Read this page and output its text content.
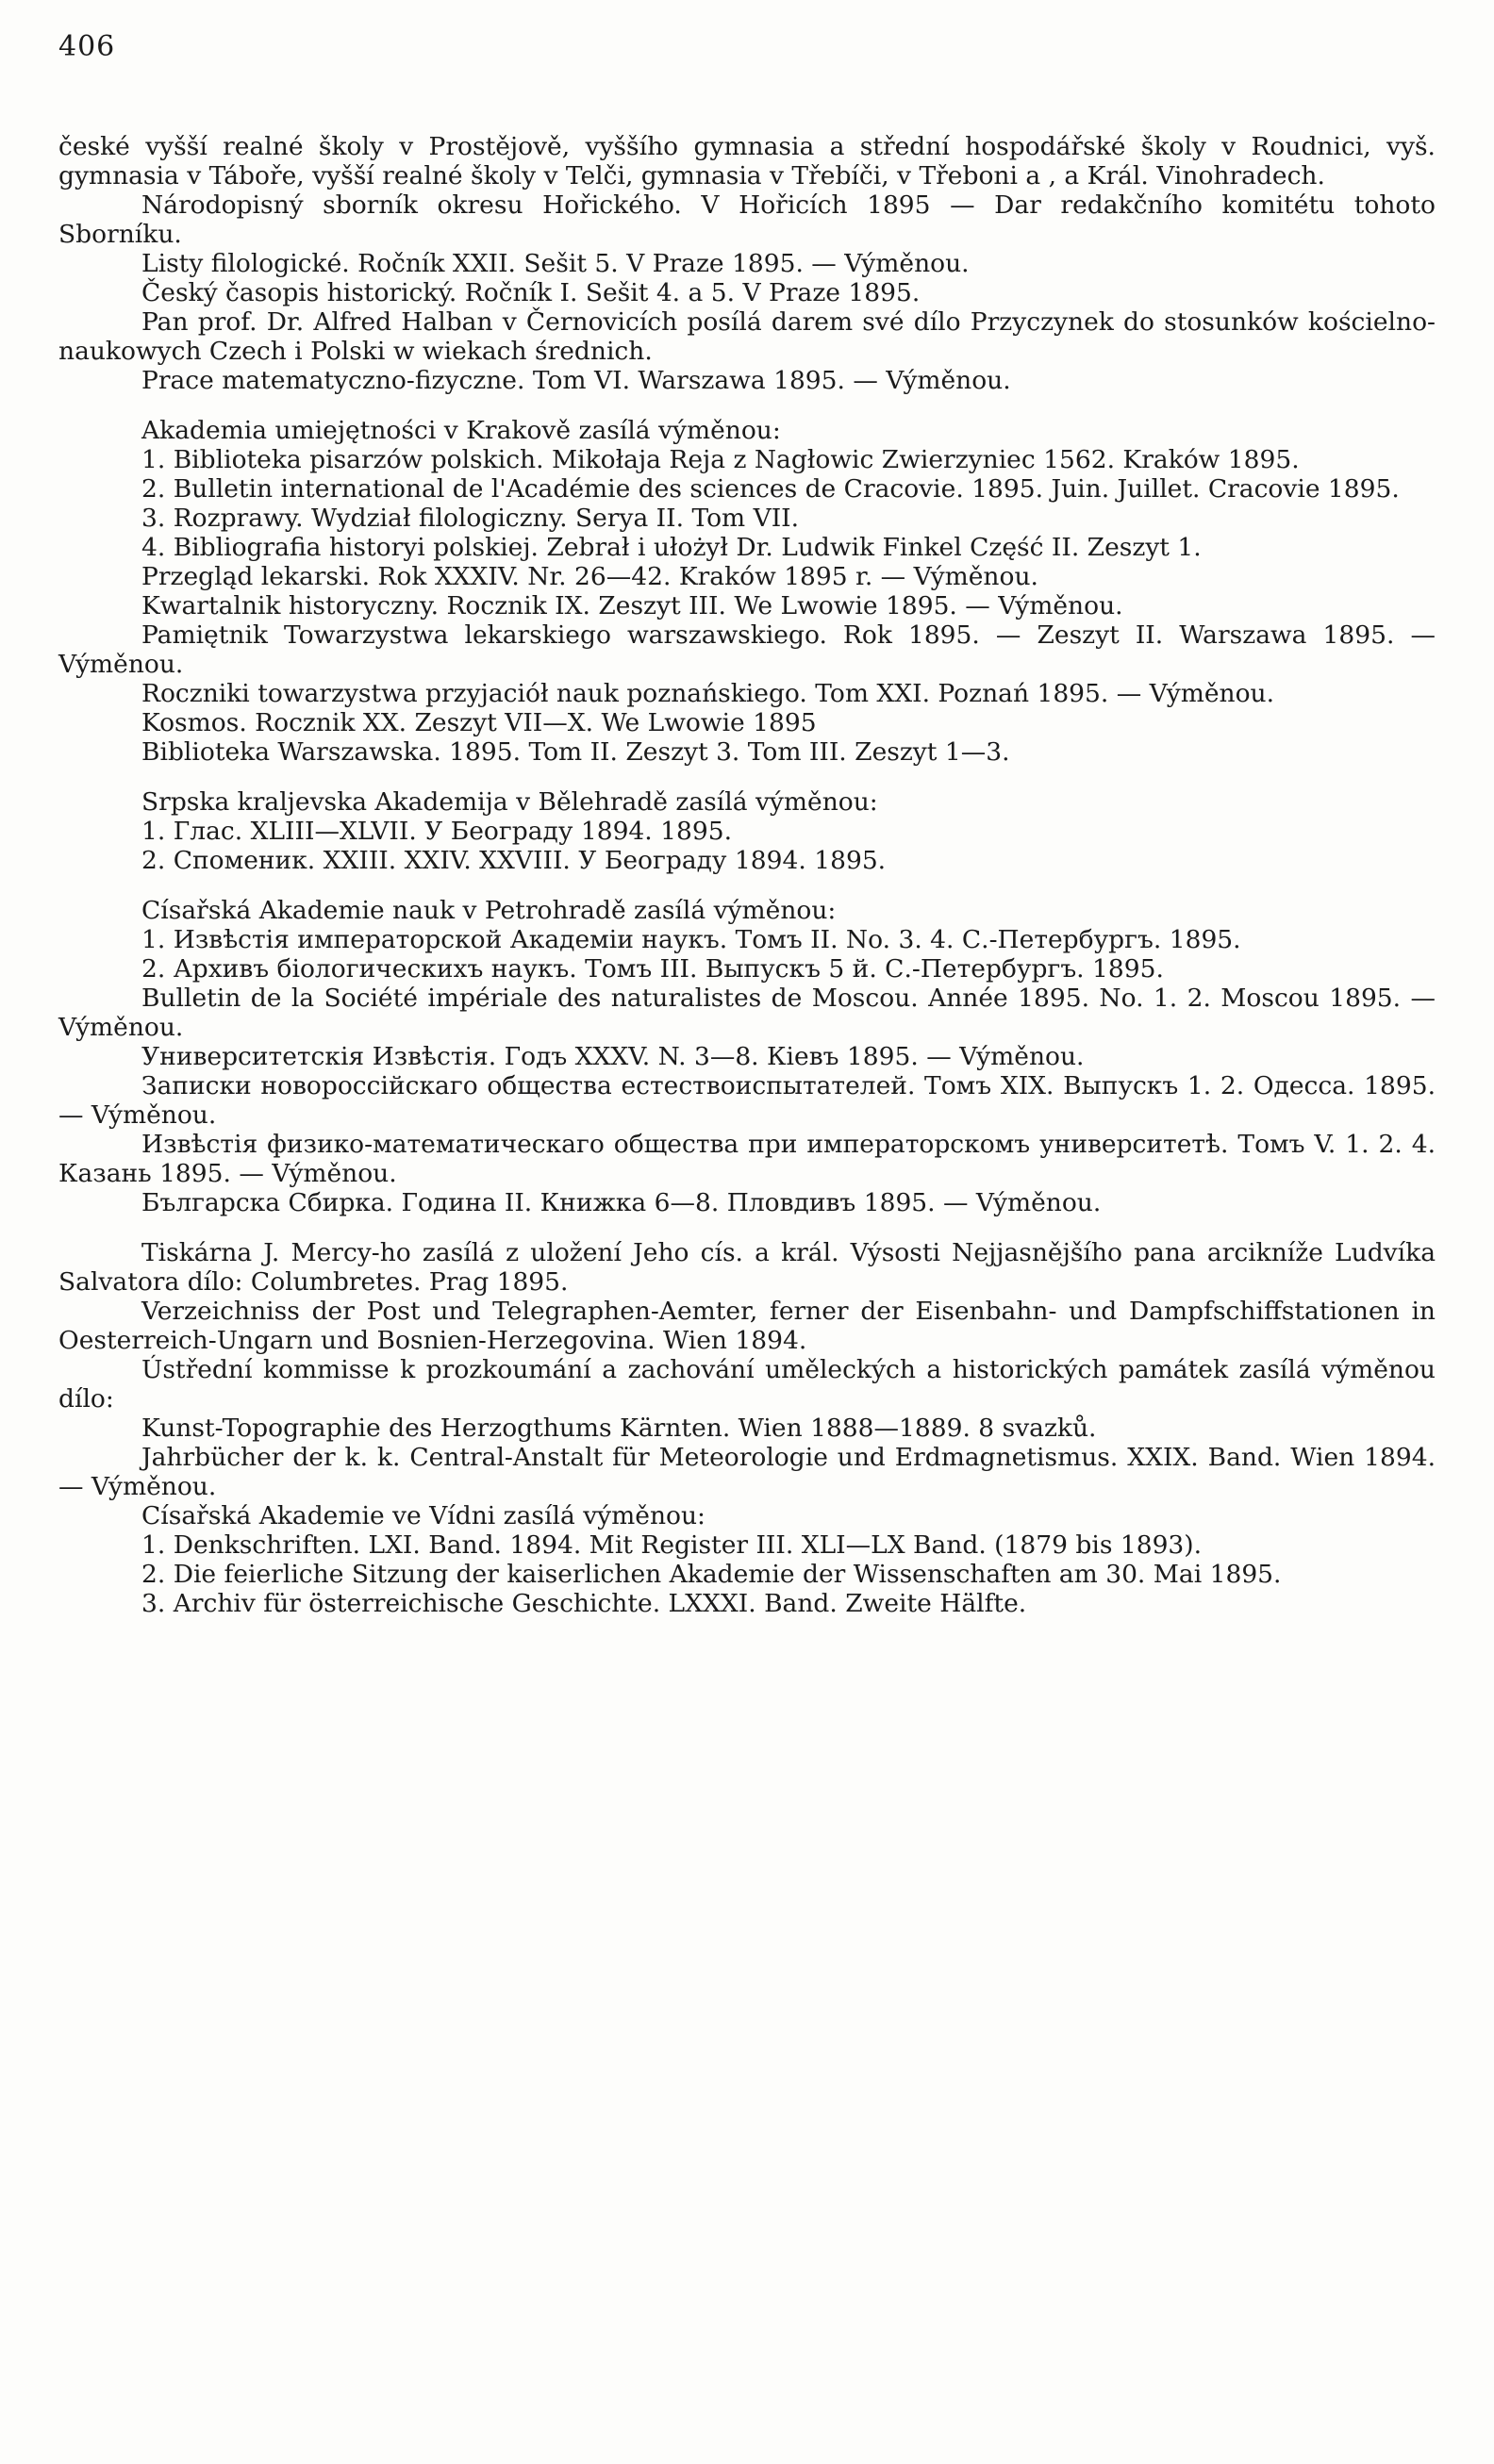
406

české vyšší realné školy v Prostějově, vyššího gymnasia a střední hospodářské školy v Roudnici, vyš. gymnasia v Táboře, vyšší realné školy v Telči, gymnasia v Třebíči, v Třeboni a , a Král. Vinohradech.

Národopisný sborník okresu Hořického. V Hořicích 1895 — Dar redakčního komitétu tohoto Sborníku.

Listy filologické. Ročník XXII. Sešit 5. V Praze 1895. — Výměnou.

Český časopis historický. Ročník I. Sešit 4. a 5. V Praze 1895.

Pan prof. Dr. Alfred Halban v Černovicích posílá darem své dílo Przyczynek do stosunków kościelno-naukowych Czech i Polski w wiekach średnich.

Prace matematyczno-fizyczne. Tom VI. Warszawa 1895. — Výměnou.

Akademia umiejętności v Krakově zasílá výměnou:

1. Biblioteka pisarzów polskich. Mikołaja Reja z Nagłowic Zwierzyniec 1562. Kraków 1895.

2. Bulletin international de l'Académie des sciences de Cracovie. 1895. Juin. Juillet. Cracovie 1895.

3. Rozprawy. Wydział filologiczny. Serya II. Tom VII.

4. Bibliografia historyi polskiej. Zebrał i ułożył Dr. Ludwik Finkel Część II. Zeszyt 1.

Przegląd lekarski. Rok XXXIV. Nr. 26—42. Kraków 1895 r. — Výměnou.

Kwartalnik historyczny. Rocznik IX. Zeszyt III. We Lwowie 1895. — Výměnou.

Pamiętnik Towarzystwa lekarskiego warszawskiego. Rok 1895. — Zeszyt II. Warszawa 1895. — Výměnou.

Roczniki towarzystwa przyjaciół nauk poznańskiego. Tom XXI. Poznań 1895. — Výměnou.

Kosmos. Rocznik XX. Zeszyt VII—X. We Lwowie 1895

Biblioteka Warszawska. 1895. Tom II. Zeszyt 3. Tom III. Zeszyt 1—3.

Srpska kraljevska Akademija v Bělehradě zasílá výměnou:

1. Глас. XLIII—XLVII. У Београду 1894. 1895.

2. Споменик. XXIII. XXIV. XXVIII. У Београду 1894. 1895.

Císařská Akademie nauk v Petrohradě zasílá výměnou:

1. Извѣстія императорской Академіи наукъ. Томъ II. No. 3. 4. С.-Петербургъ. 1895.

2. Архивъ біологическихъ наукъ. Томъ III. Выпускъ 5 й. С.-Петербургъ. 1895.

Bulletin de la Société impériale des naturalistes de Moscou. Année 1895. No. 1. 2. Moscou 1895. — Výměnou.

Университетскія Извѣстія. Годъ XXXV. N. 3—8. Кіевъ 1895. — Výměnou.

Записки новороссійскаго общества естествоиспытателей. Томъ XIX. Выпускъ 1. 2. Одесса. 1895. — Výměnou.

Извѣстія физико-математическаго общества при императорскомъ университетѣ. Томъ V. 1. 2. 4. Казань 1895. — Výměnou.

Българска Сбирка. Година II. Книжка 6—8. Пловдивъ 1895. — Výměnou.

Tiskárna J. Mercy-ho zasílá z uložení Jeho cís. a král. Výsosti Nejjasnějšího pana arcikníže Ludvíka Salvatora dílo: Columbretes. Prag 1895.

Verzeichniss der Post und Telegraphen-Aemter, ferner der Eisenbahn- und Dampfschiffstationen in Oesterreich-Ungarn und Bosnien-Herzegovina. Wien 1894.

Ústřední kommisse k prozkoumání a zachování uměleckých a historických památek zasílá výměnou dílo:

Kunst-Topographie des Herzogthums Kärnten. Wien 1888—1889. 8 svazků.

Jahrbücher der k. k. Central-Anstalt für Meteorologie und Erdmagnetismus. XXIX. Band. Wien 1894. — Výměnou.

Císařská Akademie ve Vídni zasílá výměnou:

1. Denkschriften. LXI. Band. 1894. Mit Register III. XLI—LX Band. (1879 bis 1893).

2. Die feierliche Sitzung der kaiserlichen Akademie der Wissenschaften am 30. Mai 1895.

3. Archiv für österreichische Geschichte. LXXXI. Band. Zweite Hälfte.
